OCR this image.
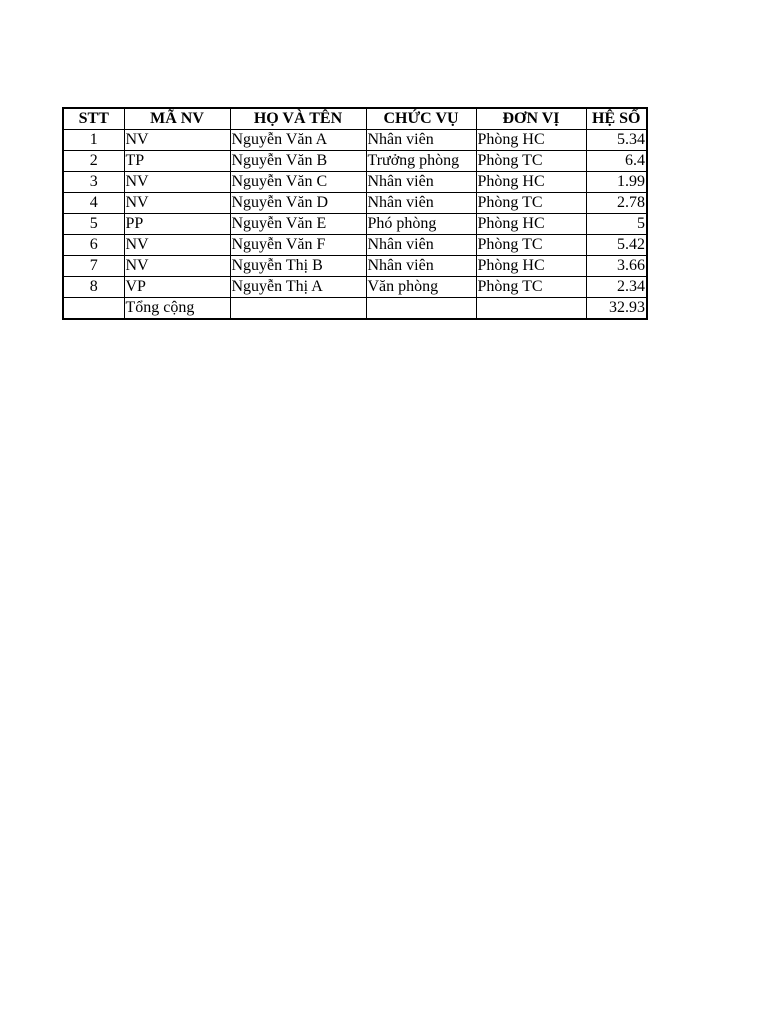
STT	MÃ NV	HỌ VÀ TÊN	CHỨC VỤ	ĐƠN VỊ	HỆ SỐ
1	NV	Nguyễn Văn A	Nhân viên	Phòng HC	5.34
2	TP	Nguyễn Văn B	Trưởng phòng	Phòng TC	6.4
3	NV	Nguyễn Văn C	Nhân viên	Phòng HC	1.99
4	NV	Nguyễn Văn D	Nhân viên	Phòng TC	2.78
5	PP	Nguyễn Văn E	Phó phòng	Phòng HC	5
6	NV	Nguyễn Văn F	Nhân viên	Phòng TC	5.42
7	NV	Nguyễn Thị B	Nhân viên	Phòng HC	3.66
8	VP	Nguyễn Thị A	Văn phòng	Phòng TC	2.34
	Tổng cộng				32.93
